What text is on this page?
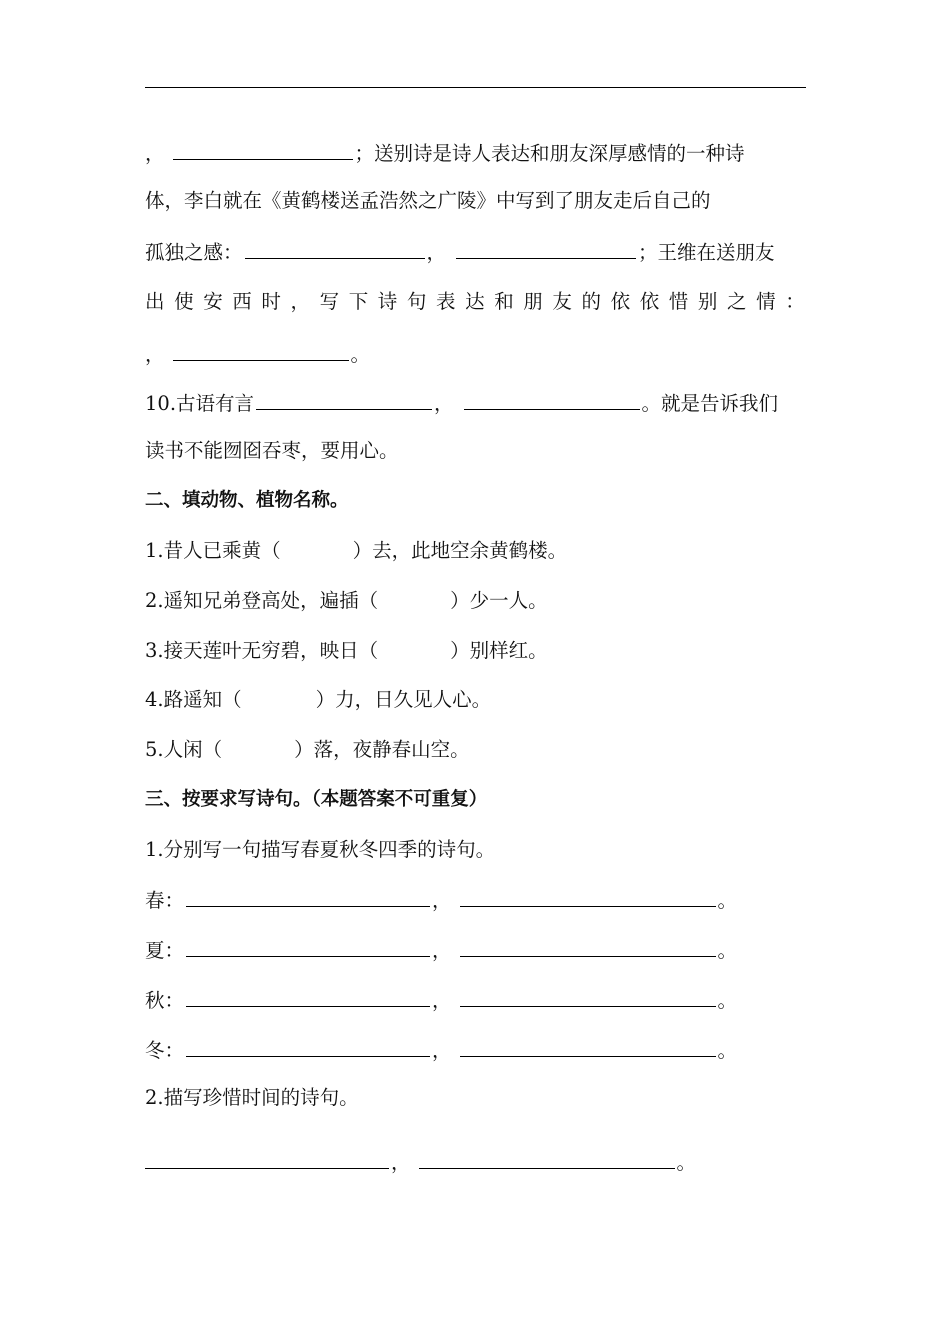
，	；送别诗是诗人表达和朋友深厚感情的一种诗
体，李白就在《黄鹤楼送孟浩然之广陵》中写到了朋友走后自己的
孤独之感：	，	；王维在送朋友
出使安西时，写下诗句表达和朋友的依依惜别之情：
，	。
10.古语有言	，	。就是告诉我们
读书不能囫囵吞枣，要用心。
二、填动物、植物名称。
1.昔人已乘黄（	）去，此地空余黄鹤楼。
2.遥知兄弟登高处，遍插（	）少一人。
3.接天莲叶无穷碧，映日（	）别样红。
4.路遥知（	）力，日久见人心。
5.人闲（	）落，夜静春山空。
三、按要求写诗句。（本题答案不可重复）
1.分别写一句描写春夏秋冬四季的诗句。
春：	，	。
夏：	，	。
秋：	，	。
冬：	，	。
2.描写珍惜时间的诗句。
，	。
